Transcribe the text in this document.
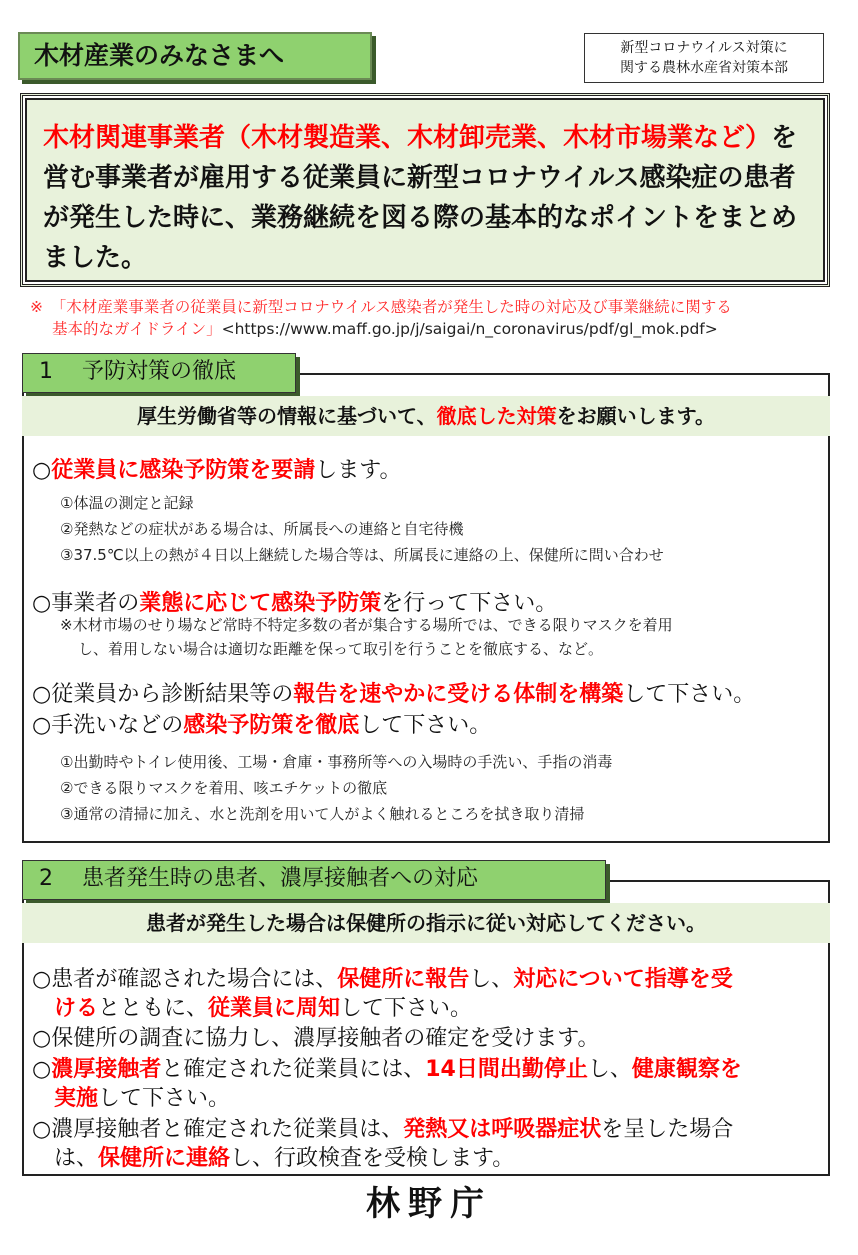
木材産業のみなさまへ	新型コロナウイルス対策に
関する農林水産省対策本部
木材関連事業者（木材製造業、木材卸売業、木材市場業など）を営む事業者が雇用する従業員に新型コロナウイルス感染症の患者が発生した時に、業務継続を図る際の基本的なポイントをまとめました。
※　「木材産業事業者の従業員に新型コロナウイルス感染者が発生した時の対応及び事業継続に関する
基本的なガイドライン」<https://www.maff.go.jp/j/saigai/n_coronavirus/pdf/gl_mok.pdf>
1　 予防対策の徹底
厚生労働省等の情報に基づいて、徹底した対策をお願いします。
○従業員に感染予防策を要請します。
①体温の測定と記録
②発熱などの症状がある場合は、所属長への連絡と自宅待機
③37.5℃以上の熱が４日以上継続した場合等は、所属長に連絡の上、保健所に問い合わせ
○事業者の業態に応じて感染予防策を行って下さい。
※木材市場のせり場など常時不特定多数の者が集合する場所では、できる限りマスクを着用
し、着用しない場合は適切な距離を保って取引を行うことを徹底する、など。
○従業員から診断結果等の報告を速やかに受ける体制を構築して下さい。
○手洗いなどの感染予防策を徹底して下さい。
①出勤時やトイレ使用後、工場・倉庫・事務所等への入場時の手洗い、手指の消毒
②できる限りマスクを着用、咳エチケットの徹底
③通常の清掃に加え、水と洗剤を用いて人がよく触れるところを拭き取り清掃
2　 患者発生時の患者、濃厚接触者への対応
患者が発生した場合は保健所の指示に従い対応してください。
○患者が確認された場合には、保健所に報告し、対応について指導を受
けるとともに、従業員に周知して下さい。
○保健所の調査に協力し、濃厚接触者の確定を受けます。
○濃厚接触者と確定された従業員には、14日間出勤停止し、健康観察を
実施して下さい。
○濃厚接触者と確定された従業員は、発熱又は呼吸器症状を呈した場合
は、保健所に連絡し、行政検査を受検します。
林野庁
